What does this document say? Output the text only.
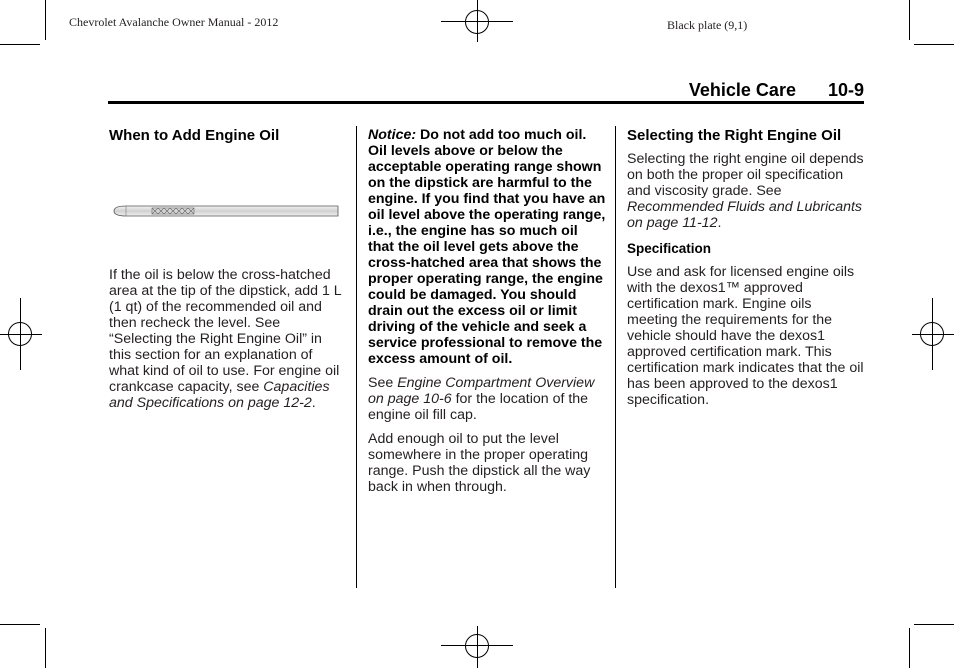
Chevrolet Avalanche Owner Manual - 2012	Black plate (9,1)
Vehicle Care 10-9
When to Add Engine Oil

If the oil is below the cross-hatched area at the tip of the dipstick, add 1 L (1 qt) of the recommended oil and then recheck the level. See “Selecting the Right Engine Oil” in this section for an explanation of what kind of oil to use. For engine oil crankcase capacity, see Capacities and Specifications on page 12-2.

Notice: Do not add too much oil. Oil levels above or below the acceptable operating range shown on the dipstick are harmful to the engine. If you find that you have an oil level above the operating range, i.e., the engine has so much oil that the oil level gets above the cross-hatched area that shows the proper operating range, the engine could be damaged. You should drain out the excess oil or limit driving of the vehicle and seek a service professional to remove the excess amount of oil.

See Engine Compartment Overview on page 10-6 for the location of the engine oil fill cap.

Add enough oil to put the level somewhere in the proper operating range. Push the dipstick all the way back in when through.

Selecting the Right Engine Oil

Selecting the right engine oil depends on both the proper oil specification and viscosity grade. See Recommended Fluids and Lubricants on page 11-12.

Specification

Use and ask for licensed engine oils with the dexos1™ approved certification mark. Engine oils meeting the requirements for the vehicle should have the dexos1 approved certification mark. This certification mark indicates that the oil has been approved to the dexos1 specification.
